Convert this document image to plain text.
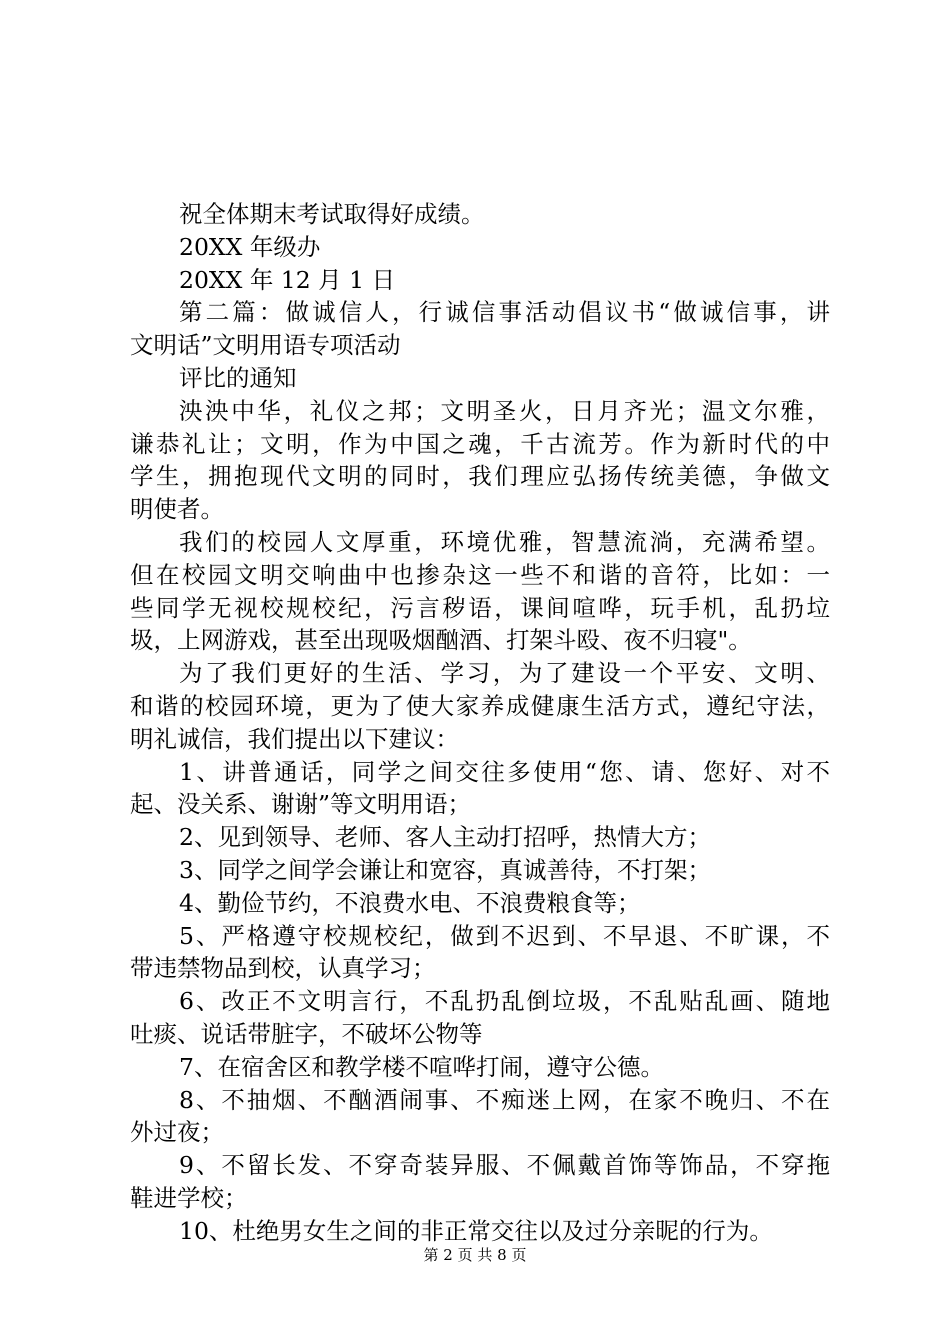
祝全体期末考试取得好成绩。
20XX 年级办
20XX 年 12 月 1 日
第二篇：做诚信人，行诚信事活动倡议书“做诚信事，讲
文明话”文明用语专项活动
评比的通知
泱泱中华，礼仪之邦；文明圣火，日月齐光；温文尔雅，
谦恭礼让；文明，作为中国之魂，千古流芳。作为新时代的中
学生，拥抱现代文明的同时，我们理应弘扬传统美德，争做文
明使者。
我们的校园人文厚重，环境优雅，智慧流淌，充满希望。
但在校园文明交响曲中也掺杂这一些不和谐的音符，比如：一
些同学无视校规校纪，污言秽语，课间喧哗，玩手机，乱扔垃
圾，上网游戏，甚至出现吸烟酗酒、打架斗殴、夜不归寝"。
为了我们更好的生活、学习，为了建设一个平安、文明、
和谐的校园环境，更为了使大家养成健康生活方式，遵纪守法，
明礼诚信，我们提出以下建议：
1、讲普通话，同学之间交往多使用“您、请、您好、对不
起、没关系、谢谢”等文明用语；
2、见到领导、老师、客人主动打招呼，热情大方；
3、同学之间学会谦让和宽容，真诚善待，不打架；
4、勤俭节约，不浪费水电、不浪费粮食等；
5、严格遵守校规校纪，做到不迟到、不早退、不旷课，不
带违禁物品到校，认真学习；
6、改正不文明言行，不乱扔乱倒垃圾，不乱贴乱画、随地
吐痰、说话带脏字，不破坏公物等
7、在宿舍区和教学楼不喧哗打闹，遵守公德。
8、不抽烟、不酗酒闹事、不痴迷上网，在家不晚归、不在
外过夜；
9、不留长发、不穿奇装异服、不佩戴首饰等饰品，不穿拖
鞋进学校；
10、杜绝男女生之间的非正常交往以及过分亲昵的行为。
第 2 页 共 8 页
